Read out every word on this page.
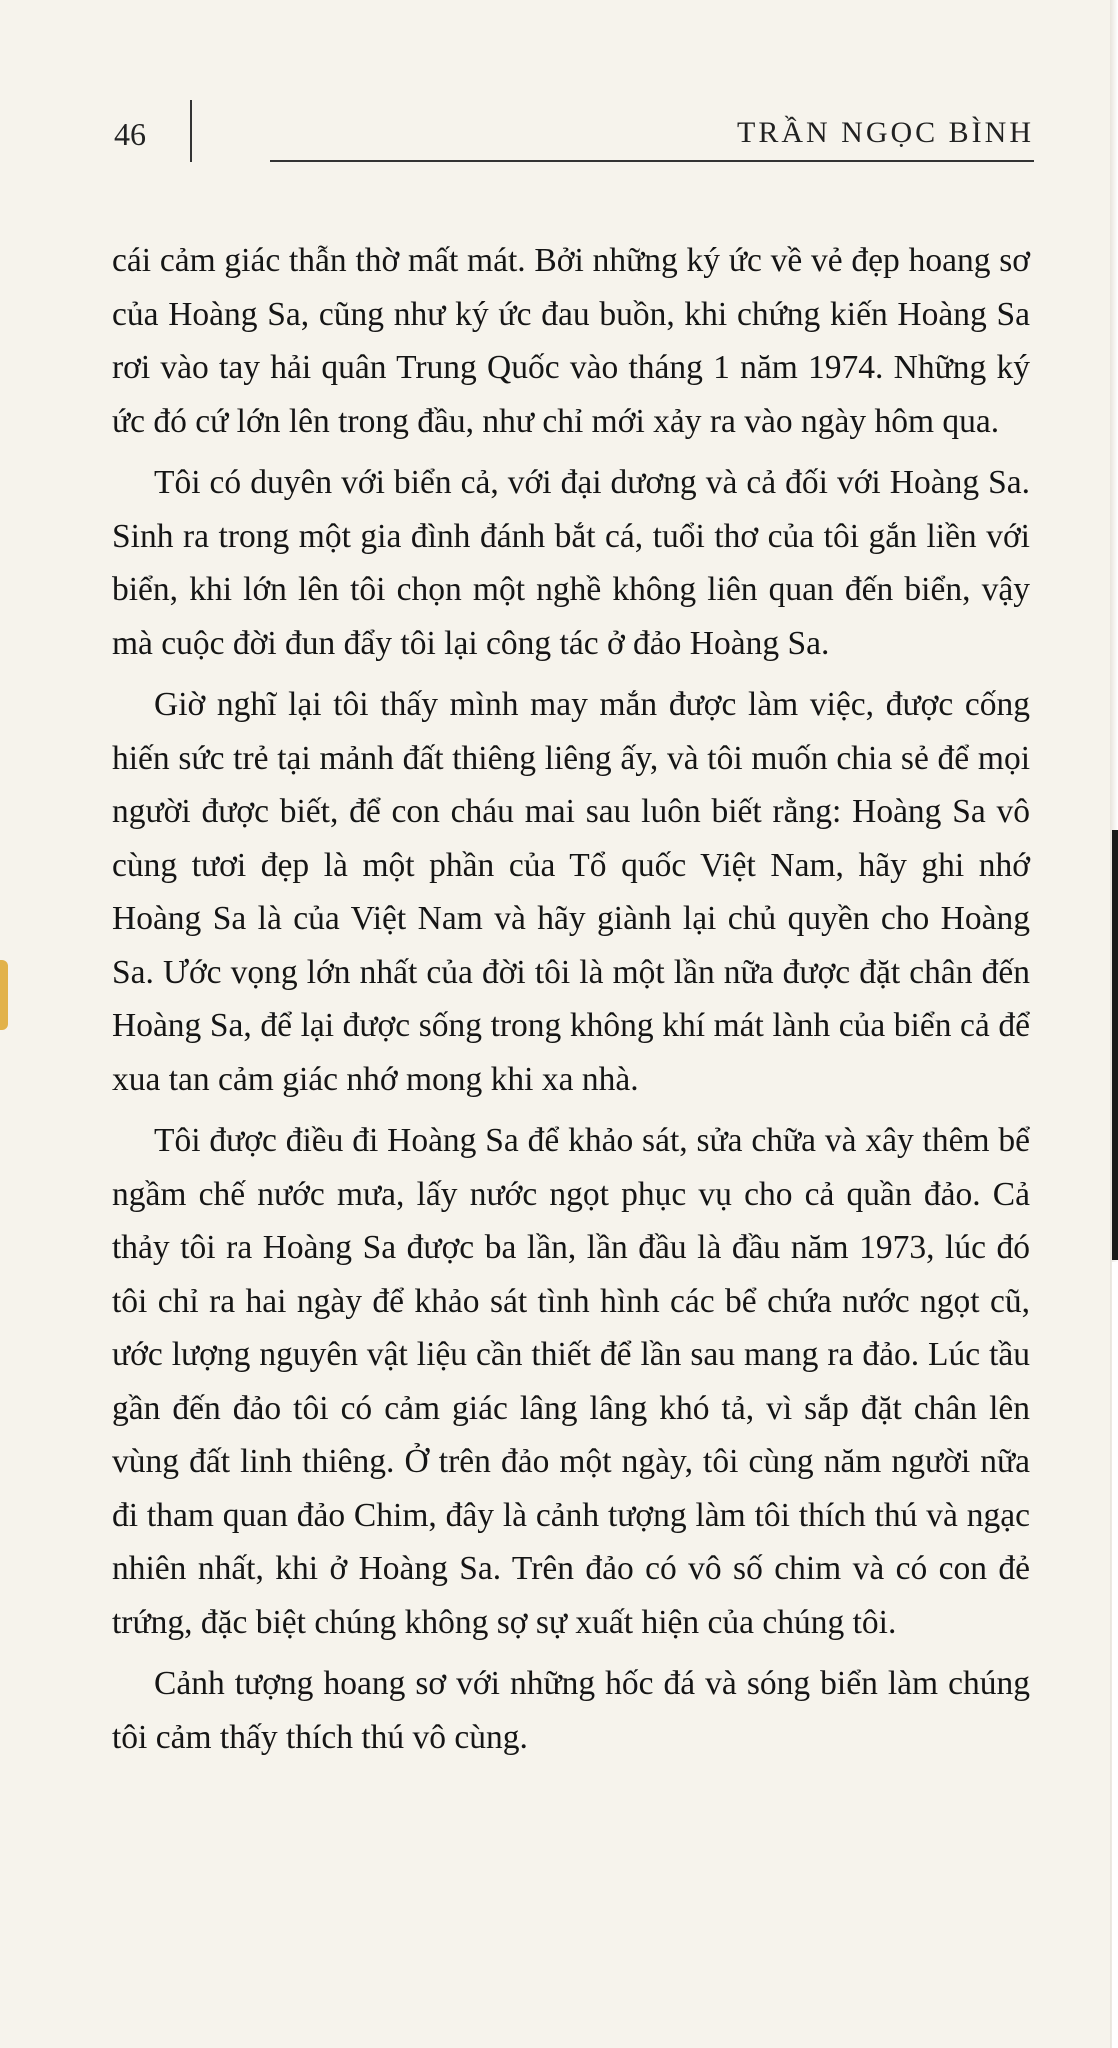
46	TRẦN NGỌC BÌNH

cái cảm giác thẫn thờ mất mát. Bởi những ký ức về vẻ đẹp hoang sơ của Hoàng Sa, cũng như ký ức đau buồn, khi chứng kiến Hoàng Sa rơi vào tay hải quân Trung Quốc vào tháng 1 năm 1974. Những ký ức đó cứ lớn lên trong đầu, như chỉ mới xảy ra vào ngày hôm qua.

Tôi có duyên với biển cả, với đại dương và cả đối với Hoàng Sa. Sinh ra trong một gia đình đánh bắt cá, tuổi thơ của tôi gắn liền với biển, khi lớn lên tôi chọn một nghề không liên quan đến biển, vậy mà cuộc đời đun đẩy tôi lại công tác ở đảo Hoàng Sa.

Giờ nghĩ lại tôi thấy mình may mắn được làm việc, được cống hiến sức trẻ tại mảnh đất thiêng liêng ấy, và tôi muốn chia sẻ để mọi người được biết, để con cháu mai sau luôn biết rằng: Hoàng Sa vô cùng tươi đẹp là một phần của Tổ quốc Việt Nam, hãy ghi nhớ Hoàng Sa là của Việt Nam và hãy giành lại chủ quyền cho Hoàng Sa. Ước vọng lớn nhất của đời tôi là một lần nữa được đặt chân đến Hoàng Sa, để lại được sống trong không khí mát lành của biển cả để xua tan cảm giác nhớ mong khi xa nhà.

Tôi được điều đi Hoàng Sa để khảo sát, sửa chữa và xây thêm bể ngầm chế nước mưa, lấy nước ngọt phục vụ cho cả quần đảo. Cả thảy tôi ra Hoàng Sa được ba lần, lần đầu là đầu năm 1973, lúc đó tôi chỉ ra hai ngày để khảo sát tình hình các bể chứa nước ngọt cũ, ước lượng nguyên vật liệu cần thiết để lần sau mang ra đảo. Lúc tầu gần đến đảo tôi có cảm giác lâng lâng khó tả, vì sắp đặt chân lên vùng đất linh thiêng. Ở trên đảo một ngày, tôi cùng năm người nữa đi tham quan đảo Chim, đây là cảnh tượng làm tôi thích thú và ngạc nhiên nhất, khi ở Hoàng Sa. Trên đảo có vô số chim và có con đẻ trứng, đặc biệt chúng không sợ sự xuất hiện của chúng tôi.

Cảnh tượng hoang sơ với những hốc đá và sóng biển làm chúng tôi cảm thấy thích thú vô cùng.
